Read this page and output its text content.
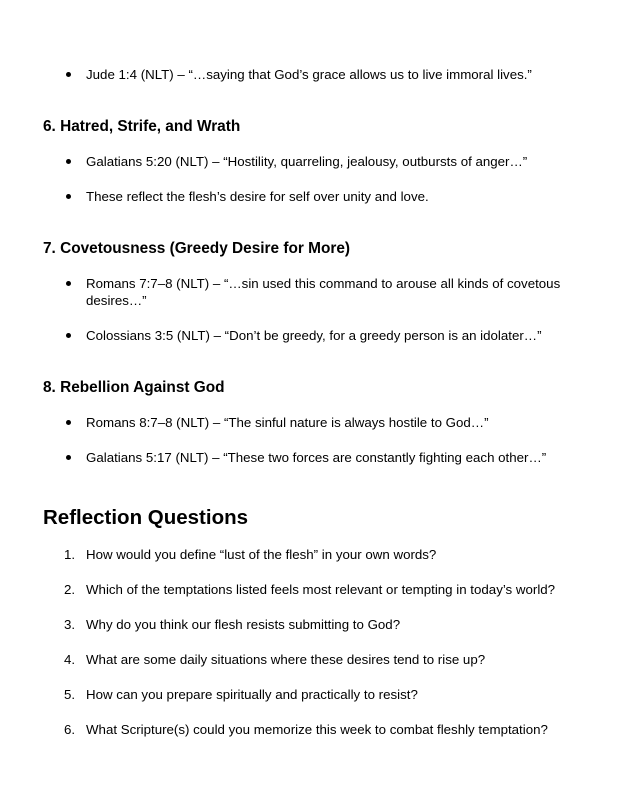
Jude 1:4 (NLT) – “…saying that God’s grace allows us to live immoral lives.”
6. Hatred, Strife, and Wrath
Galatians 5:20 (NLT) – “Hostility, quarreling, jealousy, outbursts of anger…”
These reflect the flesh’s desire for self over unity and love.
7. Covetousness (Greedy Desire for More)
Romans 7:7–8 (NLT) – “…sin used this command to arouse all kinds of covetous desires…”
Colossians 3:5 (NLT) – “Don’t be greedy, for a greedy person is an idolater…”
8. Rebellion Against God
Romans 8:7–8 (NLT) – “The sinful nature is always hostile to God…”
Galatians 5:17 (NLT) – “These two forces are constantly fighting each other…”
Reflection Questions
1. How would you define “lust of the flesh” in your own words?
2. Which of the temptations listed feels most relevant or tempting in today’s world?
3. Why do you think our flesh resists submitting to God?
4. What are some daily situations where these desires tend to rise up?
5. How can you prepare spiritually and practically to resist?
6. What Scripture(s) could you memorize this week to combat fleshly temptation?
